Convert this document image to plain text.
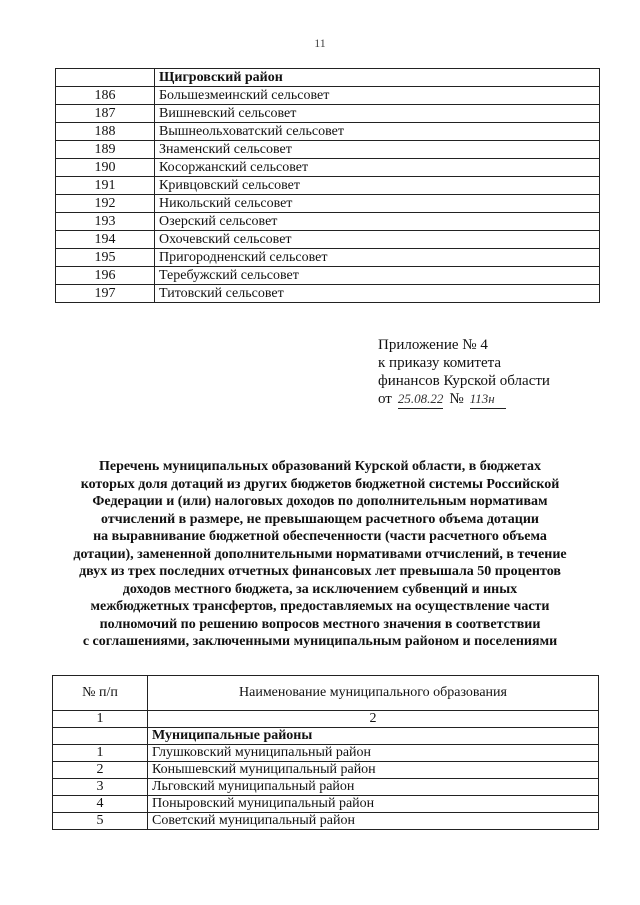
11
	Щигровский район
186	Большезмеинский сельсовет
187	Вишневский сельсовет
188	Вышнеольховатский сельсовет
189	Знаменский сельсовет
190	Косоржанский сельсовет
191	Кривцовский сельсовет
192	Никольский сельсовет
193	Озерский сельсовет
194	Охочевский сельсовет
195	Пригородненский сельсовет
196	Теребужский сельсовет
197	Титовский сельсовет
Приложение № 4
к приказу комитета
финансов Курской области
от 25.08.22 № 113н
Перечень муниципальных образований Курской области, в бюджетах
которых доля дотаций из других бюджетов бюджетной системы Российской
Федерации и (или) налоговых доходов по дополнительным нормативам
отчислений в размере, не превышающем расчетного объема дотации
на выравнивание бюджетной обеспеченности (части расчетного объема
дотации), замененной дополнительными нормативами отчислений, в течение
двух из трех последних отчетных финансовых лет превышала 50 процентов
доходов местного бюджета, за исключением субвенций и иных
межбюджетных трансфертов, предоставляемых на осуществление части
полномочий по решению вопросов местного значения в соответствии
с соглашениями, заключенными муниципальным районом и поселениями
№ п/п	Наименование муниципального образования
1	2
	Муниципальные районы
1	Глушковский муниципальный район
2	Конышевский муниципальный район
3	Льговский муниципальный район
4	Поныровский муниципальный район
5	Советский муниципальный район
